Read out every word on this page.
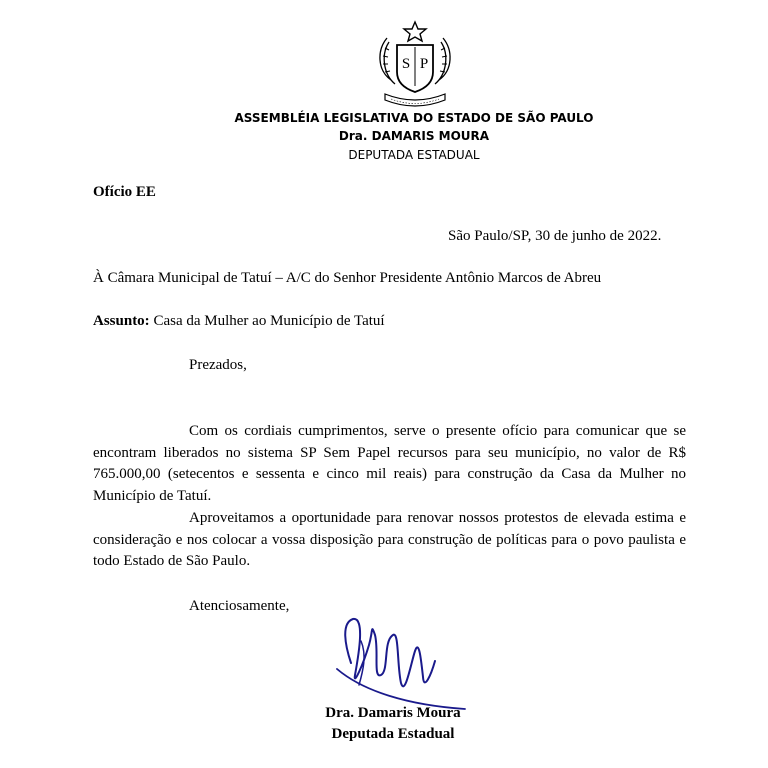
S P
ASSEMBLÉIA LEGISLATIVA DO ESTADO DE SÃO PAULO
Dra. DAMARIS MOURA
DEPUTADA ESTADUAL
Ofício EE
São Paulo/SP, 30 de junho de 2022.
À Câmara Municipal de Tatuí – A/C do Senhor Presidente Antônio Marcos de Abreu
Assunto: Casa da Mulher ao Município de Tatuí
Prezados,
Com os cordiais cumprimentos, serve o presente ofício para comunicar que se encontram liberados no sistema SP Sem Papel recursos para seu município, no valor de R$ 765.000,00 (setecentos e sessenta e cinco mil reais) para construção da Casa da Mulher no Município de Tatuí.
Aproveitamos a oportunidade para renovar nossos protestos de elevada estima e consideração e nos colocar a vossa disposição para construção de políticas para o povo paulista e todo Estado de São Paulo.
Atenciosamente,
Dra. Damaris Moura
Deputada Estadual
